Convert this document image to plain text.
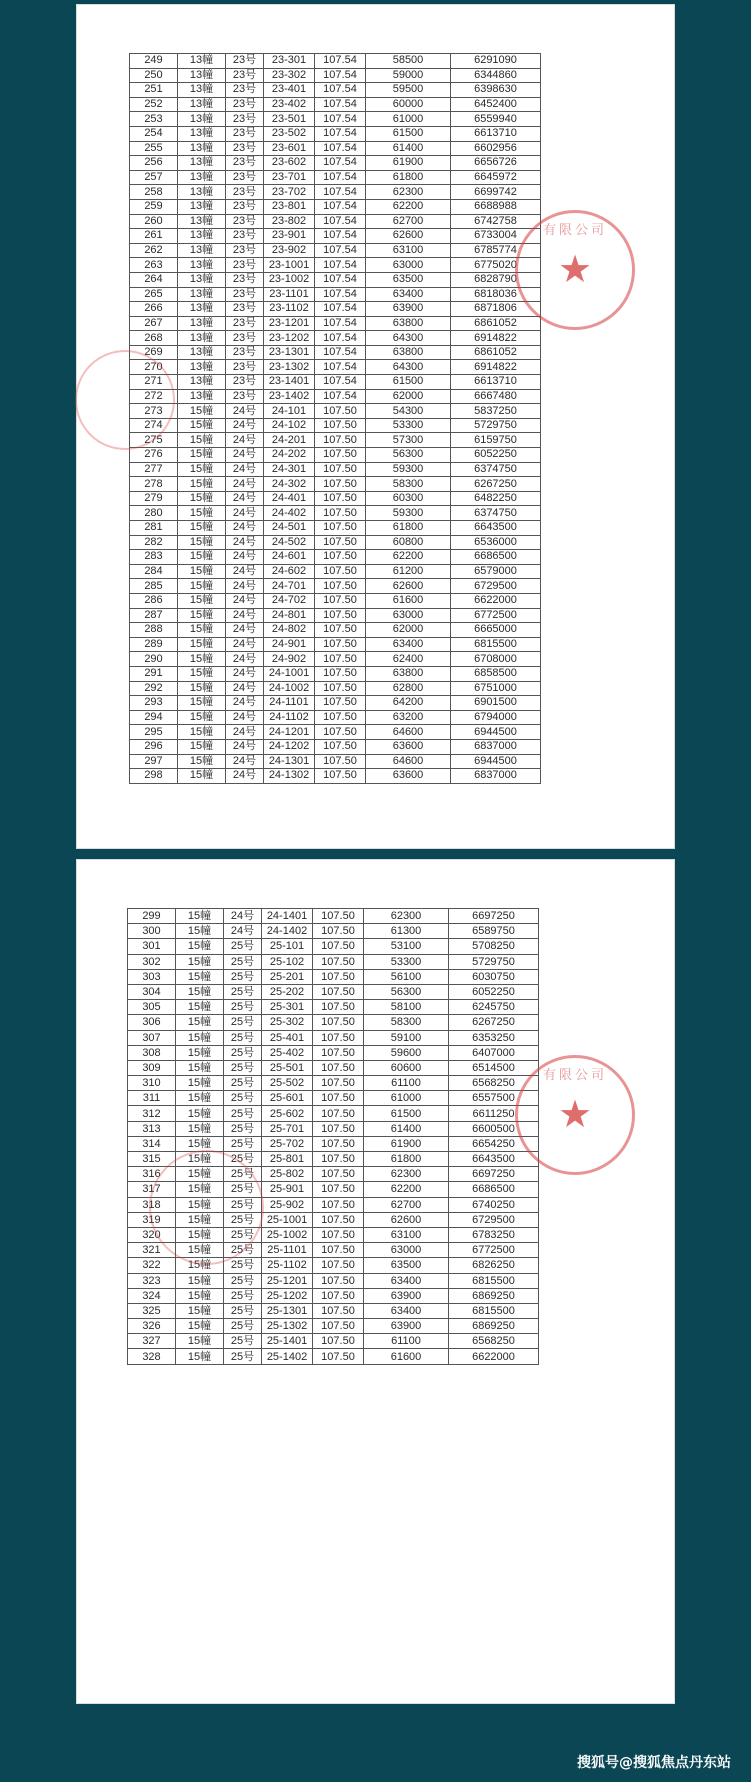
249	13幢	23号	23-301	107.54	58500	6291090
250	13幢	23号	23-302	107.54	59000	6344860
251	13幢	23号	23-401	107.54	59500	6398630
252	13幢	23号	23-402	107.54	60000	6452400
253	13幢	23号	23-501	107.54	61000	6559940
254	13幢	23号	23-502	107.54	61500	6613710
255	13幢	23号	23-601	107.54	61400	6602956
256	13幢	23号	23-602	107.54	61900	6656726
257	13幢	23号	23-701	107.54	61800	6645972
258	13幢	23号	23-702	107.54	62300	6699742
259	13幢	23号	23-801	107.54	62200	6688988
260	13幢	23号	23-802	107.54	62700	6742758
261	13幢	23号	23-901	107.54	62600	6733004
262	13幢	23号	23-902	107.54	63100	6785774
263	13幢	23号	23-1001	107.54	63000	6775020
264	13幢	23号	23-1002	107.54	63500	6828790
265	13幢	23号	23-1101	107.54	63400	6818036
266	13幢	23号	23-1102	107.54	63900	6871806
267	13幢	23号	23-1201	107.54	63800	6861052
268	13幢	23号	23-1202	107.54	64300	6914822
269	13幢	23号	23-1301	107.54	63800	6861052
270	13幢	23号	23-1302	107.54	64300	6914822
271	13幢	23号	23-1401	107.54	61500	6613710
272	13幢	23号	23-1402	107.54	62000	6667480
273	15幢	24号	24-101	107.50	54300	5837250
274	15幢	24号	24-102	107.50	53300	5729750
275	15幢	24号	24-201	107.50	57300	6159750
276	15幢	24号	24-202	107.50	56300	6052250
277	15幢	24号	24-301	107.50	59300	6374750
278	15幢	24号	24-302	107.50	58300	6267250
279	15幢	24号	24-401	107.50	60300	6482250
280	15幢	24号	24-402	107.50	59300	6374750
281	15幢	24号	24-501	107.50	61800	6643500
282	15幢	24号	24-502	107.50	60800	6536000
283	15幢	24号	24-601	107.50	62200	6686500
284	15幢	24号	24-602	107.50	61200	6579000
285	15幢	24号	24-701	107.50	62600	6729500
286	15幢	24号	24-702	107.50	61600	6622000
287	15幢	24号	24-801	107.50	63000	6772500
288	15幢	24号	24-802	107.50	62000	6665000
289	15幢	24号	24-901	107.50	63400	6815500
290	15幢	24号	24-902	107.50	62400	6708000
291	15幢	24号	24-1001	107.50	63800	6858500
292	15幢	24号	24-1002	107.50	62800	6751000
293	15幢	24号	24-1101	107.50	64200	6901500
294	15幢	24号	24-1102	107.50	63200	6794000
295	15幢	24号	24-1201	107.50	64600	6944500
296	15幢	24号	24-1202	107.50	63600	6837000
297	15幢	24号	24-1301	107.50	64600	6944500
298	15幢	24号	24-1302	107.50	63600	6837000
有限公司
★
299	15幢	24号	24-1401	107.50	62300	6697250
300	15幢	24号	24-1402	107.50	61300	6589750
301	15幢	25号	25-101	107.50	53100	5708250
302	15幢	25号	25-102	107.50	53300	5729750
303	15幢	25号	25-201	107.50	56100	6030750
304	15幢	25号	25-202	107.50	56300	6052250
305	15幢	25号	25-301	107.50	58100	6245750
306	15幢	25号	25-302	107.50	58300	6267250
307	15幢	25号	25-401	107.50	59100	6353250
308	15幢	25号	25-402	107.50	59600	6407000
309	15幢	25号	25-501	107.50	60600	6514500
310	15幢	25号	25-502	107.50	61100	6568250
311	15幢	25号	25-601	107.50	61000	6557500
312	15幢	25号	25-602	107.50	61500	6611250
313	15幢	25号	25-701	107.50	61400	6600500
314	15幢	25号	25-702	107.50	61900	6654250
315	15幢	25号	25-801	107.50	61800	6643500
316	15幢	25号	25-802	107.50	62300	6697250
317	15幢	25号	25-901	107.50	62200	6686500
318	15幢	25号	25-902	107.50	62700	6740250
319	15幢	25号	25-1001	107.50	62600	6729500
320	15幢	25号	25-1002	107.50	63100	6783250
321	15幢	25号	25-1101	107.50	63000	6772500
322	15幢	25号	25-1102	107.50	63500	6826250
323	15幢	25号	25-1201	107.50	63400	6815500
324	15幢	25号	25-1202	107.50	63900	6869250
325	15幢	25号	25-1301	107.50	63400	6815500
326	15幢	25号	25-1302	107.50	63900	6869250
327	15幢	25号	25-1401	107.50	61100	6568250
328	15幢	25号	25-1402	107.50	61600	6622000
有限公司
★
搜狐号@搜狐焦点丹东站
